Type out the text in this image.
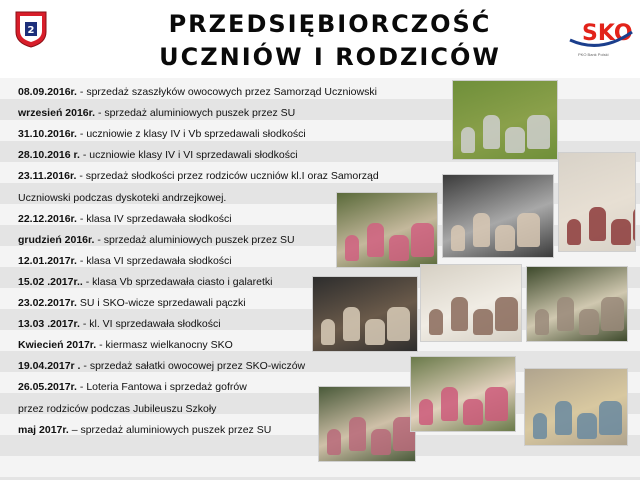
2	PRZEDSIĘBIORCZOŚĆ
UCZNIÓW I RODZICÓW
SKO
PKO Bank Polski
08.09.2016r. - sprzedaż szaszłyków owocowych przez Samorząd Uczniowski
wrzesień 2016r. - sprzedaż aluminiowych puszek przez SU
31.10.2016r. - uczniowie z klasy IV i Vb sprzedawali słodkości
28.10.2016 r. - uczniowie klasy IV i VI sprzedawali słodkości
23.11.2016r. - sprzedaż słodkości przez rodziców uczniów kl.I oraz Samorząd
Uczniowski podczas dyskoteki andrzejkowej.
22.12.2016r. - klasa IV sprzedawała słodkości
grudzień 2016r. - sprzedaż aluminiowych puszek przez SU
12.01.2017r. - klasa VI sprzedawała słodkości
15.02 .2017r.. - klasa Vb sprzedawała ciasto i galaretki
23.02.2017r. SU i SKO-wicze sprzedawali pączki
13.03 .2017r. - kl. VI sprzedawała słodkości
Kwiecień 2017r. - kiermasz wielkanocny SKO
19.04.2017r . - sprzedaż sałatki owocowej przez SKO-wiczów
26.05.2017r. - Loteria Fantowa i sprzedaż gofrów
przez rodziców podczas Jubileuszu Szkoły
maj 2017r. – sprzedaż aluminiowych puszek przez SU
